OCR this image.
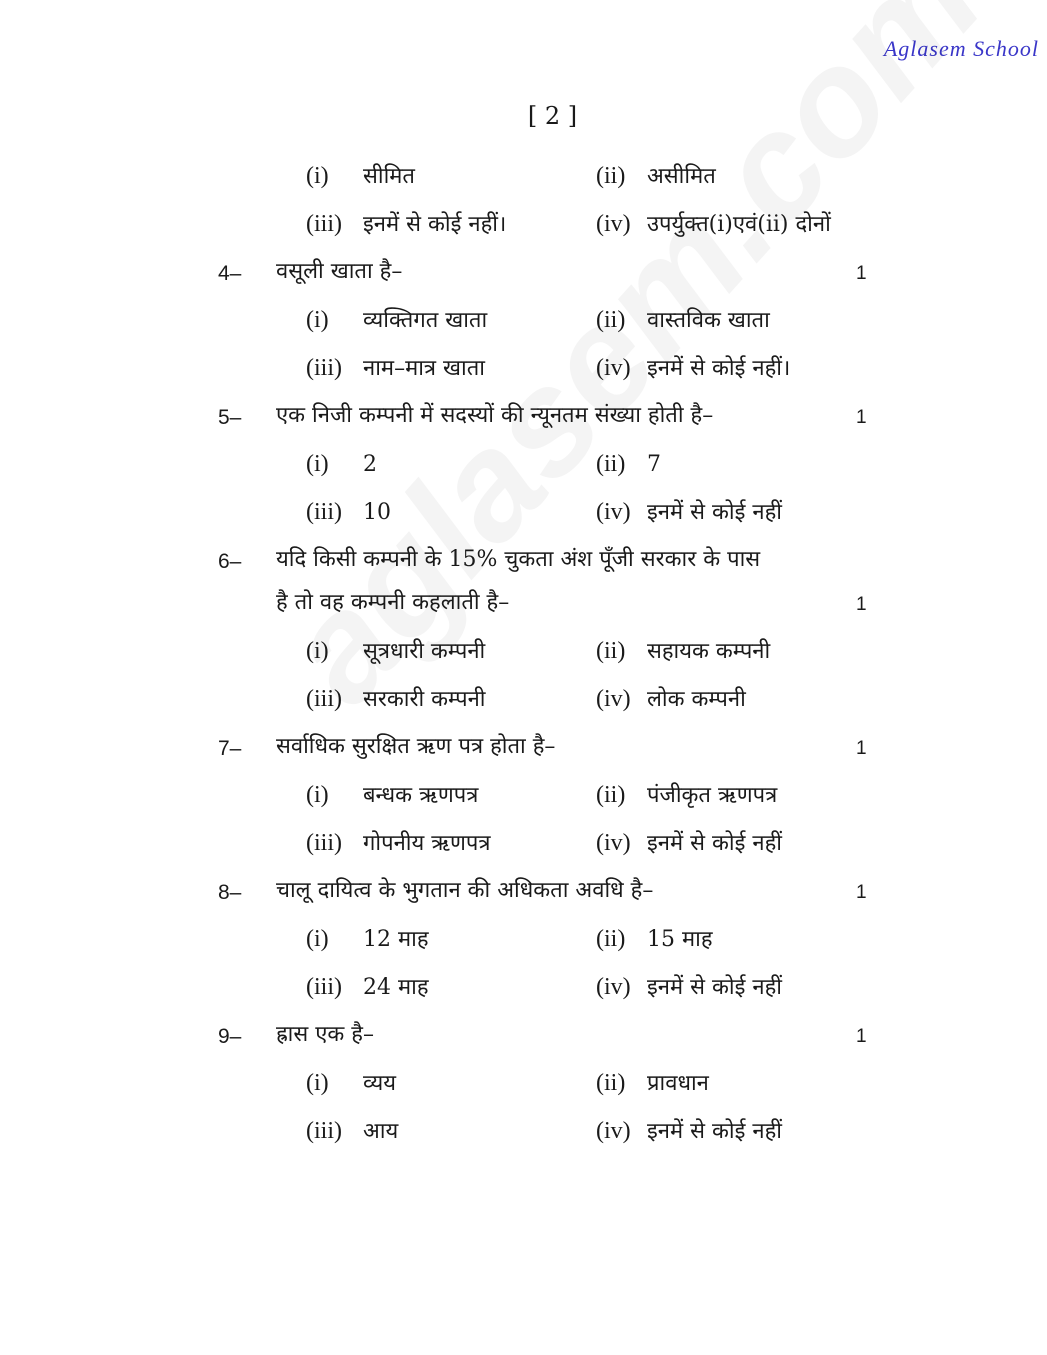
Aglasem School
[ 2 ]
(i) सीमित	(ii) असीमित
(iii) इनमें से कोई नहीं।	(iv) उपर्युक्त(i)एवं(ii) दोनों
4– वसूली खाता है–	1
(i) व्यक्तिगत खाता	(ii) वास्तविक खाता
(iii) नाम–मात्र खाता	(iv) इनमें से कोई नहीं।
5– एक निजी कम्पनी में सदस्यों की न्यूनतम संख्या होती है–	1
(i) 2	(ii) 7
(iii) 10	(iv) इनमें से कोई नहीं
6– यदि किसी कम्पनी के 15% चुकता अंश पूँजी सरकार के पास
है तो वह कम्पनी कहलाती है–	1
(i) सूत्रधारी कम्पनी	(ii) सहायक कम्पनी
(iii) सरकारी कम्पनी	(iv) लोक कम्पनी
7– सर्वाधिक सुरक्षित ऋण पत्र होता है–	1
(i) बन्धक ऋणपत्र	(ii) पंजीकृत ऋणपत्र
(iii) गोपनीय ऋणपत्र	(iv) इनमें से कोई नहीं
8– चालू दायित्व के भुगतान की अधिकता अवधि है–	1
(i) 12 माह	(ii) 15 माह
(iii) 24 माह	(iv) इनमें से कोई नहीं
9– ह्रास एक है–	1
(i) व्यय	(ii) प्रावधान
(iii) आय	(iv) इनमें से कोई नहीं
